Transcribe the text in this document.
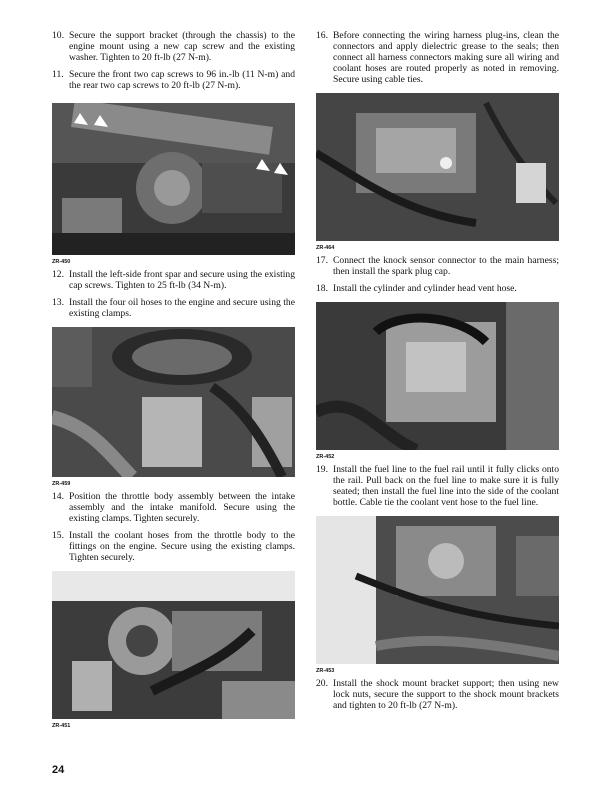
10. Secure the support bracket (through the chassis) to the engine mount using a new cap screw and the existing washer. Tighten to 20 ft-lb (27 N-m).
11. Secure the front two cap screws to 96 in.-lb (11 N-m) and the rear two cap screws to 20 ft-lb (27 N-m).
ZR-450
12. Install the left-side front spar and secure using the existing cap screws. Tighten to 25 ft-lb (34 N-m).
13. Install the four oil hoses to the engine and secure using the existing clamps.
ZR-459
14. Position the throttle body assembly between the intake assembly and the intake manifold. Secure using the existing clamps. Tighten securely.
15. Install the coolant hoses from the throttle body to the fittings on the engine. Secure using the existing clamps. Tighten securely.
ZR-451
16. Before connecting the wiring harness plug-ins, clean the connectors and apply dielectric grease to the seals; then connect all harness connectors making sure all wiring and coolant hoses are routed properly as noted in removing. Secure using cable ties.
ZR-464
17. Connect the knock sensor connector to the main harness; then install the spark plug cap.
18. Install the cylinder and cylinder head vent hose.
ZR-452
19. Install the fuel line to the fuel rail until it fully clicks onto the rail. Pull back on the fuel line to make sure it is fully seated; then install the fuel line into the side of the coolant bottle. Cable tie the coolant vent hose to the fuel line.
ZR-453
20. Install the shock mount bracket support; then using new lock nuts, secure the support to the shock mount brackets and tighten to 20 ft-lb (27 N-m).
24
